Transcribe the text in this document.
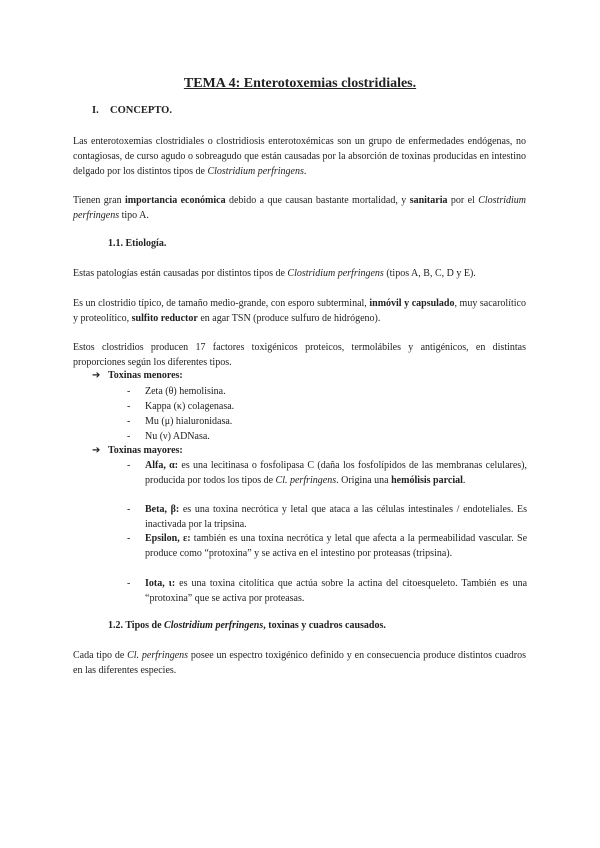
TEMA 4: Enterotoxemias clostridiales.
I. CONCEPTO.

Las enterotoxemias clostridiales o clostridiosis enterotoxémicas son un grupo de enfermedades endógenas, no contagiosas, de curso agudo o sobreagudo que están causadas por la absorción de toxinas producidas en intestino delgado por los distintos tipos de Clostridium perfringens.

Tienen gran importancia económica debido a que causan bastante mortalidad, y sanitaria por el Clostridium perfringens tipo A.

1.1. Etiología.

Estas patologías están causadas por distintos tipos de Clostridium perfringens (tipos A, B, C, D y E).

Es un clostridio típico, de tamaño medio-grande, con esporo subterminal, inmóvil y capsulado, muy sacarolítico y proteolítico, sulfito reductor en agar TSN (produce sulfuro de hidrógeno).

Estos clostridios producen 17 factores toxigénicos proteicos, termolábiles y antigénicos, en distintas proporciones según los diferentes tipos.

➔ Toxinas menores:
- Zeta (θ) hemolisina.
- Kappa (κ) colagenasa.
- Mu (μ) hialuronidasa.
- Nu (ν) ADNasa.
➔ Toxinas mayores:
- Alfa, α: es una lecitinasa o fosfolipasa C (daña los fosfolípidos de las membranas celulares), producida por todos los tipos de Cl. perfringens. Origina una hemólisis parcial.
- Beta, β: es una toxina necrótica y letal que ataca a las células intestinales / endoteliales. Es inactivada por la tripsina.
- Epsilon, ε: también es una toxina necrótica y letal que afecta a la permeabilidad vascular. Se produce como “protoxina” y se activa en el intestino por proteasas (tripsina).
- Iota, ι: es una toxina citolítica que actúa sobre la actina del citoesqueleto. También es una “protoxina” que se activa por proteasas.
1.2. Tipos de Clostridium perfringens, toxinas y cuadros causados.

Cada tipo de Cl. perfringens posee un espectro toxigénico definido y en consecuencia produce distintos cuadros en las diferentes especies.
